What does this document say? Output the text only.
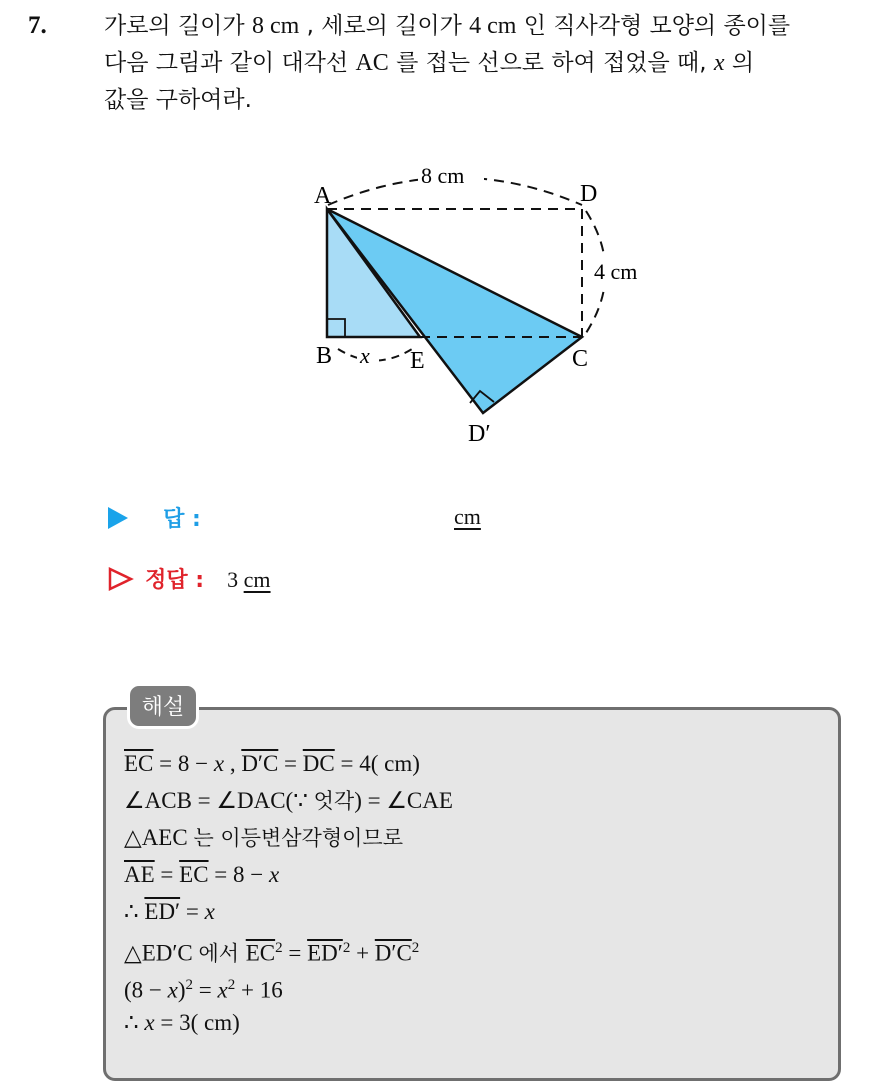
7. 가로의 길이가 8 cm , 세로의 길이가 4 cm 인 직사각형 모양의 종이를
다음 그림과 같이 대각선 AC 를 접는 선으로 하여 접었을 때, x 의
값을 구하여라.
A	D
B	E	C
D′
8 cm
4 cm
x
답 :	cm
정답 : 3 cm
해설
$\overline{EC} = 8 - x$ , $D'C = \overline{DC} = 4$( cm)
∠ACB = ∠DAC(∵ 엇각) = ∠CAE
△AEC 는 이등변삼각형이므로
$\overline{AE} = \overline{EC} = 8 - x$
∴ ED′ = x
△ED′C 에서 $\overline{EC}^2 = ED'^2 + D'C^2$
$(8 - x)^2 = x^2 + 16$
∴ x = 3( cm)
